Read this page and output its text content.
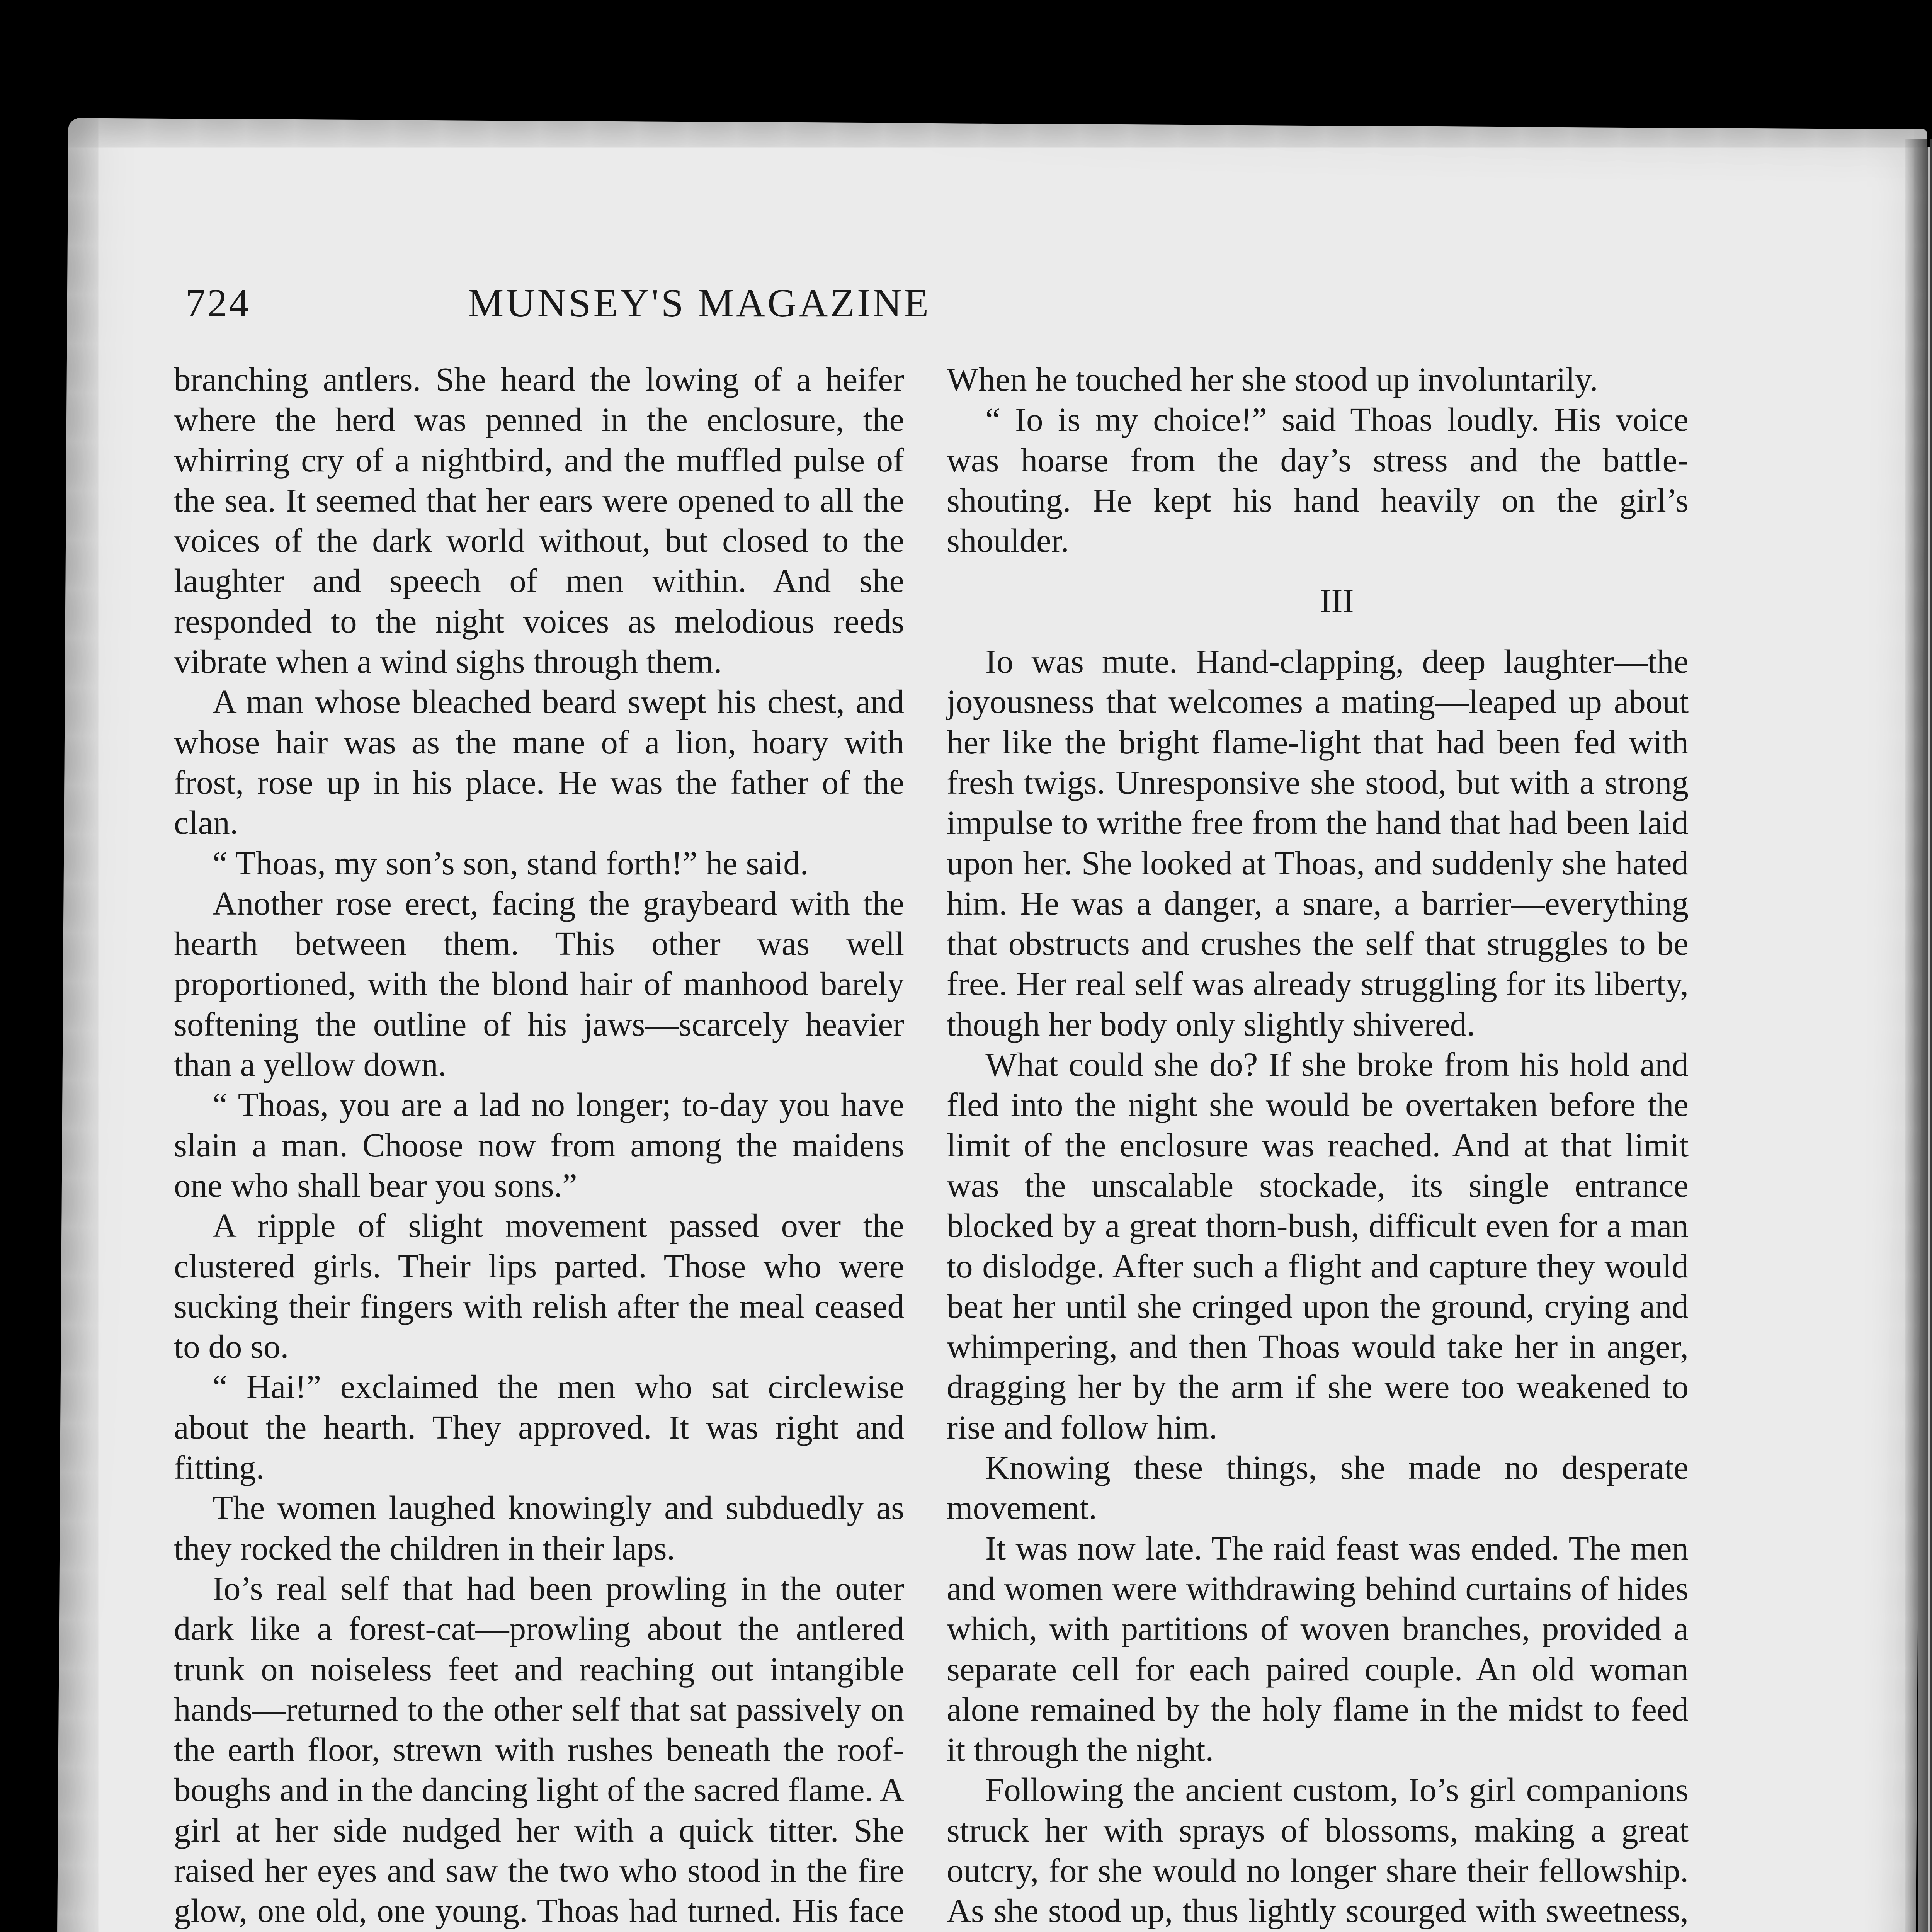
724	MUNSEY'S MAGAZINE

branching antlers. She heard the lowing of a heifer where the herd was penned in the enclosure, the whirring cry of a nightbird, and the muffled pulse of the sea. It seemed that her ears were opened to all the voices of the dark world without, but closed to the laughter and speech of men within. And she responded to the night voices as melodious reeds vibrate when a wind sighs through them.

A man whose bleached beard swept his chest, and whose hair was as the mane of a lion, hoary with frost, rose up in his place. He was the father of the clan.

“ Thoas, my son’s son, stand forth!” he said.

Another rose erect, facing the graybeard with the hearth between them. This other was well proportioned, with the blond hair of manhood barely softening the outline of his jaws—scarcely heavier than a yellow down.

“ Thoas, you are a lad no longer; to-day you have slain a man. Choose now from among the maidens one who shall bear you sons.”

A ripple of slight movement passed over the clustered girls. Their lips parted. Those who were sucking their fingers with relish after the meal ceased to do so.

“ Hai!” exclaimed the men who sat circlewise about the hearth. They approved. It was right and fitting.

The women laughed knowingly and subduedly as they rocked the children in their laps.

Io’s real self that had been prowling in the outer dark like a forest-cat—prowling about the antlered trunk on noiseless feet and reaching out intangible hands—returned to the other self that sat passively on the earth floor, strewn with rushes beneath the roof-boughs and in the dancing light of the sacred flame. A girl at her side nudged her with a quick titter. She raised her eyes and saw the two who stood in the fire glow, one old, one young. Thoas had turned. His face

When he touched her she stood up involuntarily.

“ Io is my choice!” said Thoas loudly. His voice was hoarse from the day’s stress and the battle-shouting. He kept his hand heavily on the girl’s shoulder.

III

Io was mute. Hand-clapping, deep laughter—the joyousness that welcomes a mating—leaped up about her like the bright flame-light that had been fed with fresh twigs. Unresponsive she stood, but with a strong impulse to writhe free from the hand that had been laid upon her. She looked at Thoas, and suddenly she hated him. He was a danger, a snare, a barrier—everything that obstructs and crushes the self that struggles to be free. Her real self was already struggling for its liberty, though her body only slightly shivered.

What could she do? If she broke from his hold and fled into the night she would be overtaken before the limit of the enclosure was reached. And at that limit was the unscalable stockade, its single entrance blocked by a great thorn-bush, difficult even for a man to dislodge. After such a flight and capture they would beat her until she cringed upon the ground, crying and whimpering, and then Thoas would take her in anger, dragging her by the arm if she were too weakened to rise and follow him.

Knowing these things, she made no desperate movement.

It was now late. The raid feast was ended. The men and women were withdrawing behind curtains of hides which, with partitions of woven branches, provided a separate cell for each paired couple. An old woman alone remained by the holy flame in the midst to feed it through the night.

Following the ancient custom, Io’s girl companions struck her with sprays of blossoms, making a great outcry, for she would no longer share their fellowship. As she stood up, thus lightly scourged with sweetness,
